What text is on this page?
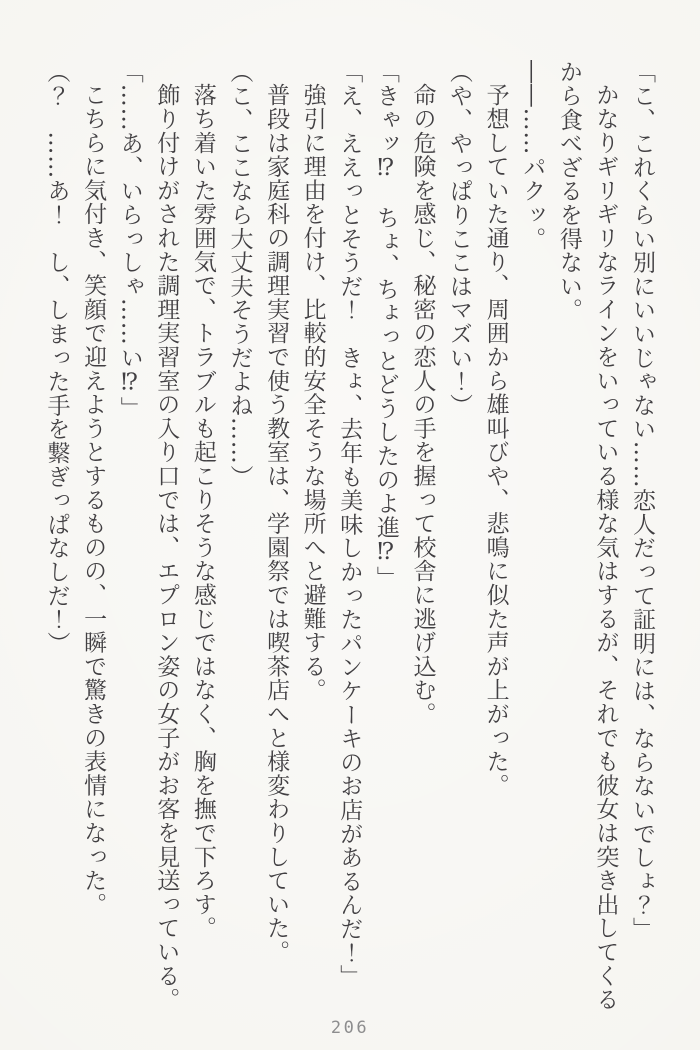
「こ、これくらい別にいいじゃない……恋人だって証明には、ならないでしょ？」

かなりギリギリなラインをいっている様な気はするが、それでも彼女は突き出してくるから食べざるを得ない。

――……パクッ。

予想していた通り、周囲から雄叫びや、悲鳴に似た声が上がった。

（や、やっぱりここはマズい！）

命の危険を感じ、秘密の恋人の手を握って校舎に逃げ込む。

「きゃッ⁉　ちょ、ちょっとどうしたのよ進⁉」

「え、ええっとそうだ！　きょ、去年も美味しかったパンケーキのお店があるんだ！」

強引に理由を付け、比較的安全そうな場所へと避難する。

普段は家庭科の調理実習で使う教室は、学園祭では喫茶店へと様変わりしていた。

（こ、ここなら大丈夫そうだよね……）

落ち着いた雰囲気で、トラブルも起こりそうな感じではなく、胸を撫で下ろす。

飾り付けがされた調理実習室の入り口では、エプロン姿の女子がお客を見送っている。

「……あ、いらっしゃ……い⁉」

こちらに気付き、笑顔で迎えようとするものの、一瞬で驚きの表情になった。

（？　……あ！　し、しまった手を繋ぎっぱなしだ！）

206
